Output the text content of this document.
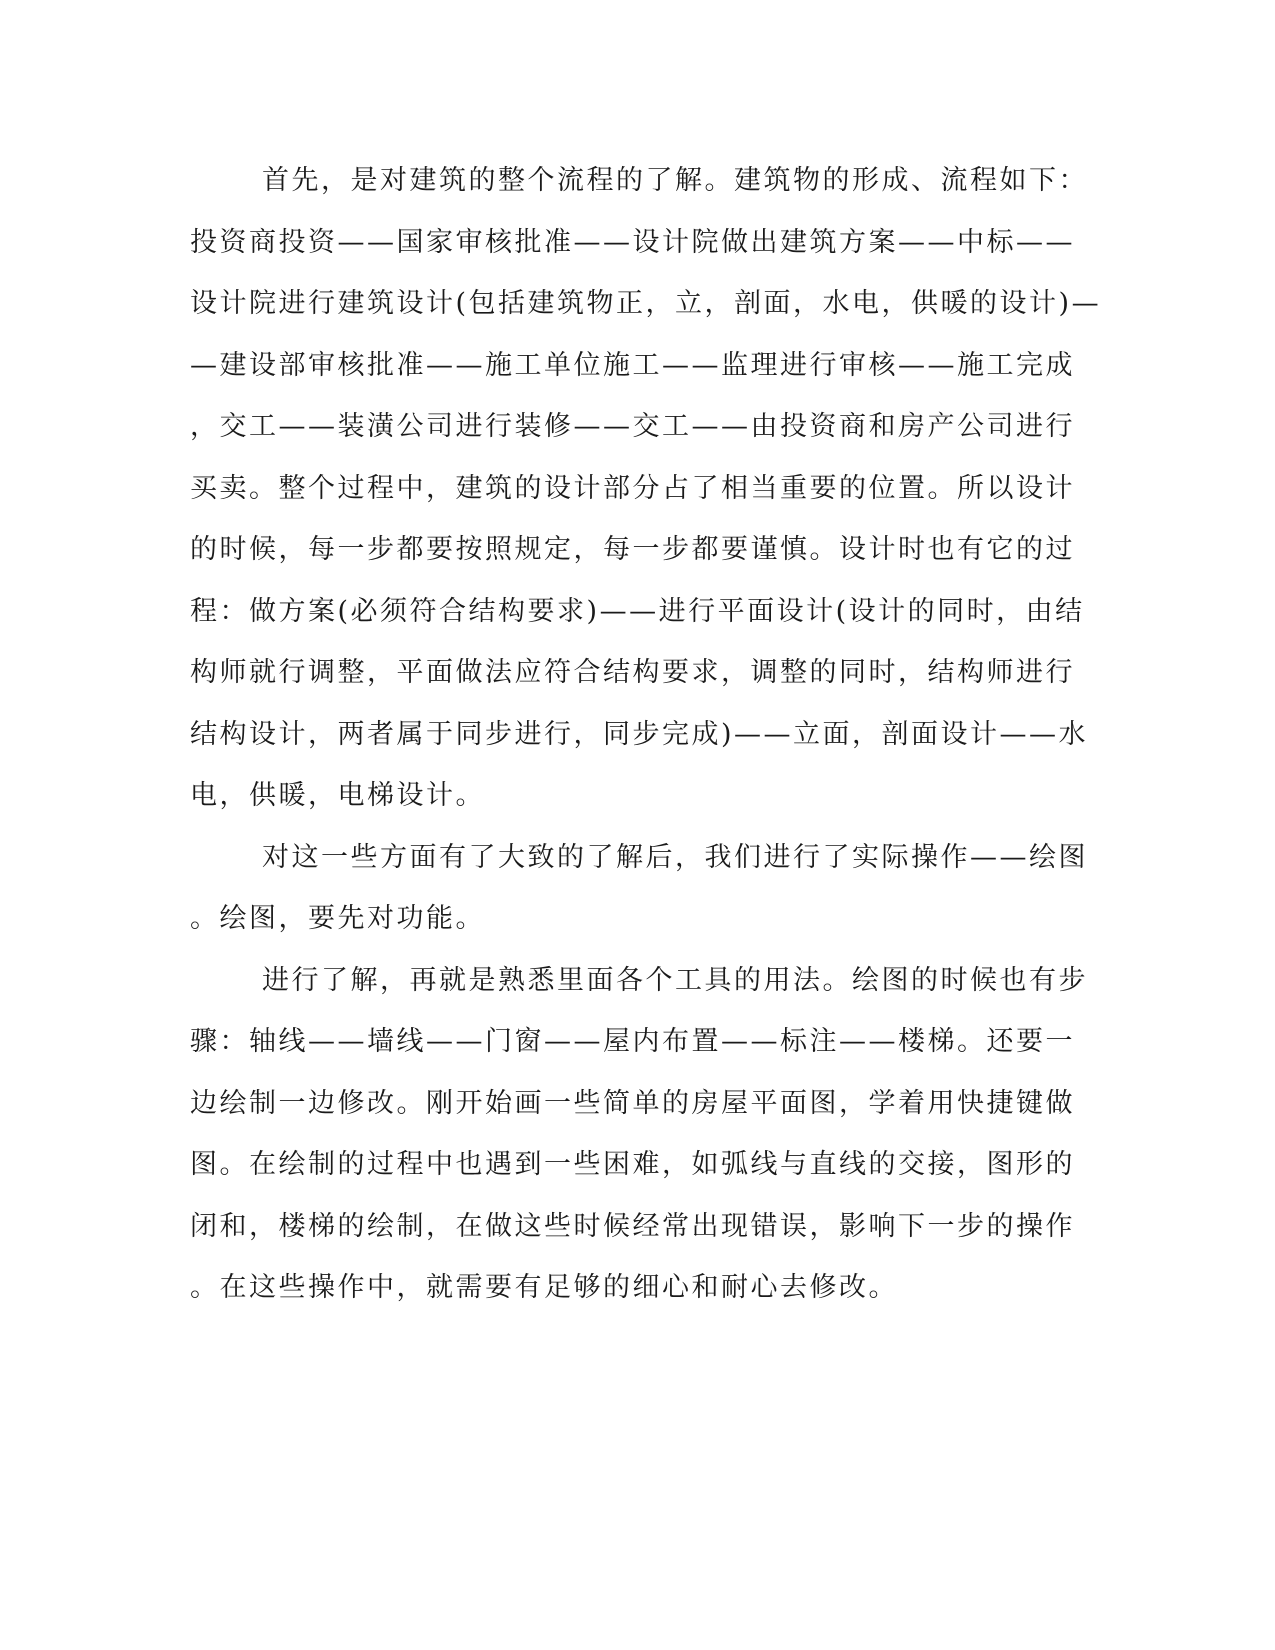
首先，是对建筑的整个流程的了解。建筑物的形成、流程如下：
投资商投资——国家审核批准——设计院做出建筑方案——中标——
设计院进行建筑设计(包括建筑物正，立，剖面，水电，供暖的设计)—
—建设部审核批准——施工单位施工——监理进行审核——施工完成
，交工——装潢公司进行装修——交工——由投资商和房产公司进行
买卖。整个过程中，建筑的设计部分占了相当重要的位置。所以设计
的时候，每一步都要按照规定，每一步都要谨慎。设计时也有它的过
程：做方案(必须符合结构要求)——进行平面设计(设计的同时，由结
构师就行调整，平面做法应符合结构要求，调整的同时，结构师进行
结构设计，两者属于同步进行，同步完成)——立面，剖面设计——水
电，供暖，电梯设计。
对这一些方面有了大致的了解后，我们进行了实际操作——绘图
。绘图，要先对功能。
进行了解，再就是熟悉里面各个工具的用法。绘图的时候也有步
骤：轴线——墙线——门窗——屋内布置——标注——楼梯。还要一
边绘制一边修改。刚开始画一些简单的房屋平面图，学着用快捷键做
图。在绘制的过程中也遇到一些困难，如弧线与直线的交接，图形的
闭和，楼梯的绘制，在做这些时候经常出现错误，影响下一步的操作
。在这些操作中，就需要有足够的细心和耐心去修改。
